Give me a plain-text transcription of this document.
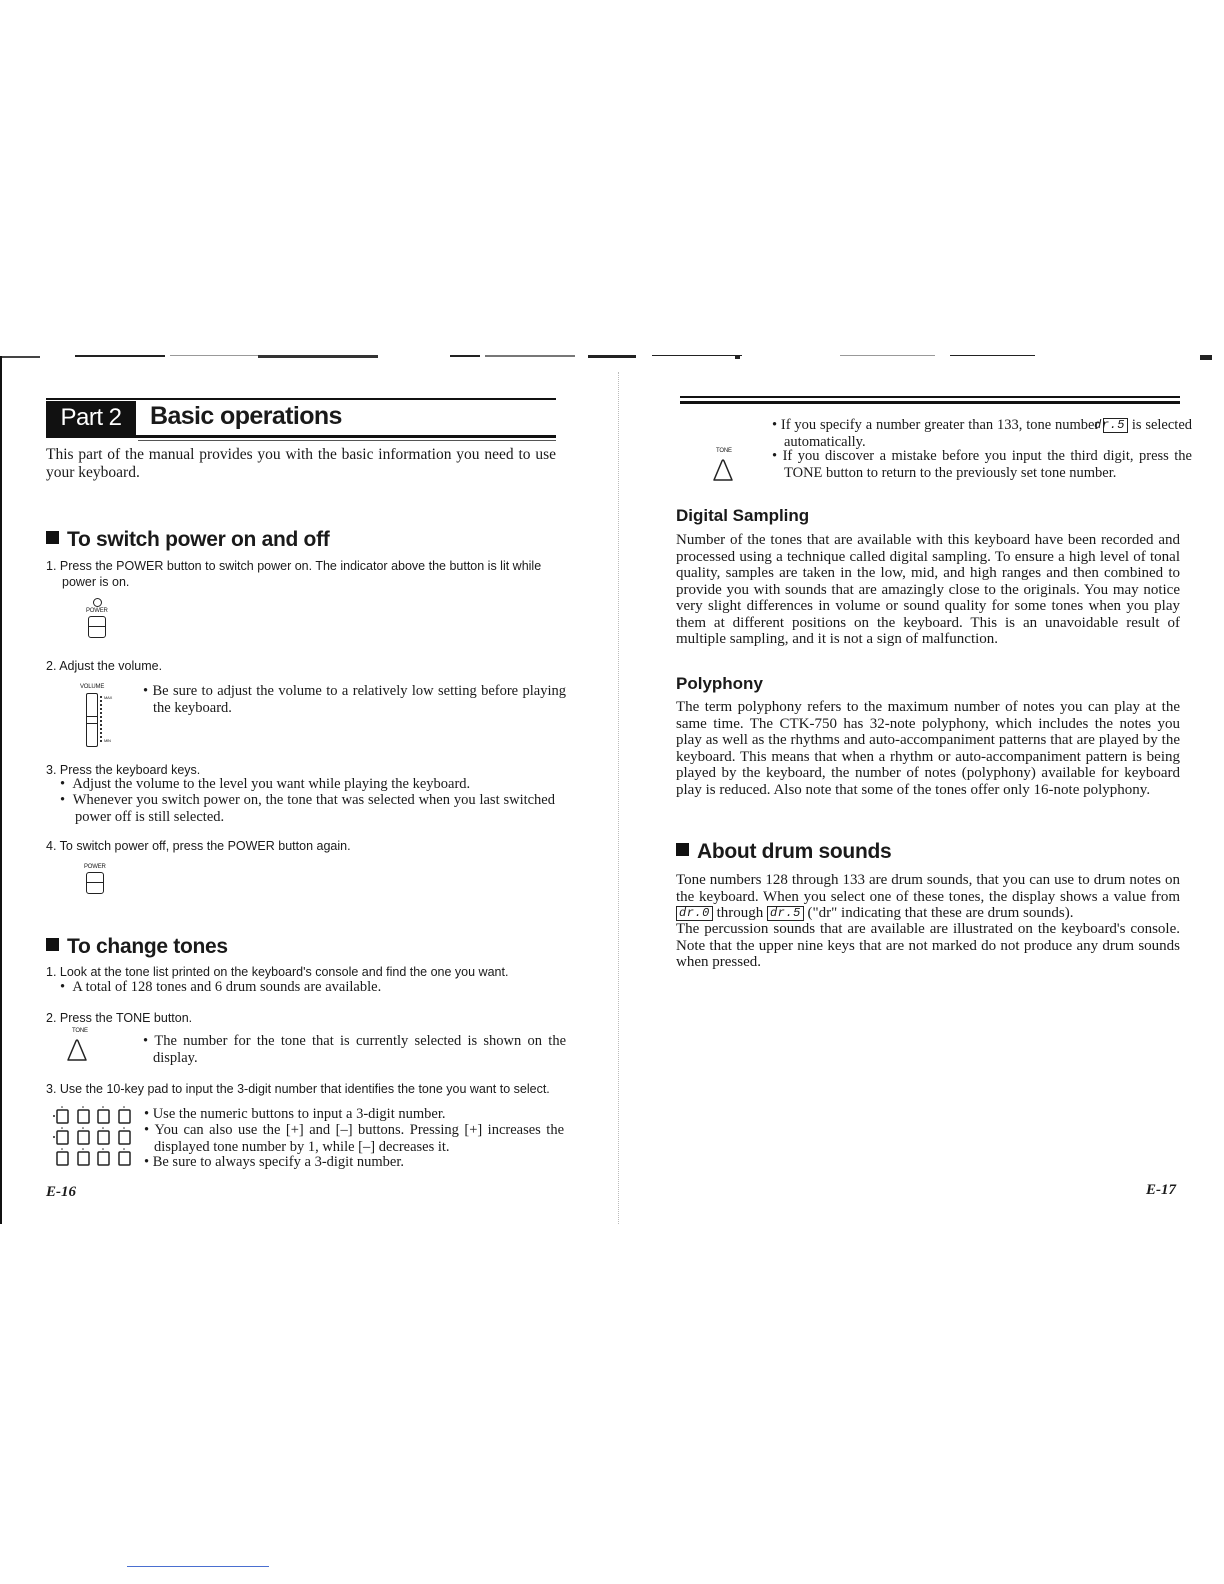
Part 2	Basic operations
This part of the manual provides you with the basic information you need to use your keyboard.
To switch power on and off
1. Press the POWER button to switch power on. The indicator above the button is lit while power is on.
POWER
2. Adjust the volume.
VOLUME
MAX
MIN
• Be sure to adjust the volume to a relatively low setting before playing the keyboard.
3. Press the keyboard keys.
•  Adjust the volume to the level you want while playing the keyboard.
•  Whenever you switch power on, the tone that was selected when you last switched power off is still selected.
4. To switch power off, press the POWER button again.
POWER
To change tones
1. Look at the tone list printed on the keyboard's console and find the one you want.
•  A total of 128 tones and 6 drum sounds are available.
2. Press the TONE button.
TONE
• The number for the tone that is currently selected is shown on the display.
3. Use the 10-key pad to input the 3-digit number that identifies the tone you want to select.
• Use the numeric buttons to input a 3-digit number.
• You can also use the [+] and [–] buttons. Pressing [+] increases the displayed tone number by 1, while [–] decreases it.
• Be sure to always specify a 3-digit number.
E-16
• If you specify a number greater than 133, tone number dr.5 is selected automatically.
TONE	• If you discover a mistake before you input the third digit, press the TONE button to return to the previously set tone number.
Digital Sampling
Number of the tones that are available with this keyboard have been recorded and processed using a technique called digital sampling. To ensure a high level of tonal quality, samples are taken in the low, mid, and high ranges and then combined to provide you with sounds that are amazingly close to the originals. You may notice very slight differences in volume or sound quality for some tones when you play them at different positions on the keyboard. This is an unavoidable result of multiple sampling, and it is not a sign of malfunction.
Polyphony
The term polyphony refers to the maximum number of notes you can play at the same time. The CTK-750 has 32-note polyphony, which includes the notes you play as well as the rhythms and auto-accompaniment patterns that are played by the keyboard. This means that when a rhythm or auto-accompaniment pattern is being played by the keyboard, the number of notes (polyphony) available for keyboard play is reduced. Also note that some of the tones offer only 16-note polyphony.
About drum sounds
Tone numbers 128 through 133 are drum sounds, that you can use to drum notes on the keyboard. When you select one of these tones, the display shows a value from dr.0 through dr.5 ("dr" indicating that these are drum sounds).
The percussion sounds that are available are illustrated on the keyboard's console. Note that the upper nine keys that are not marked do not produce any drum sounds when pressed.
E-17
